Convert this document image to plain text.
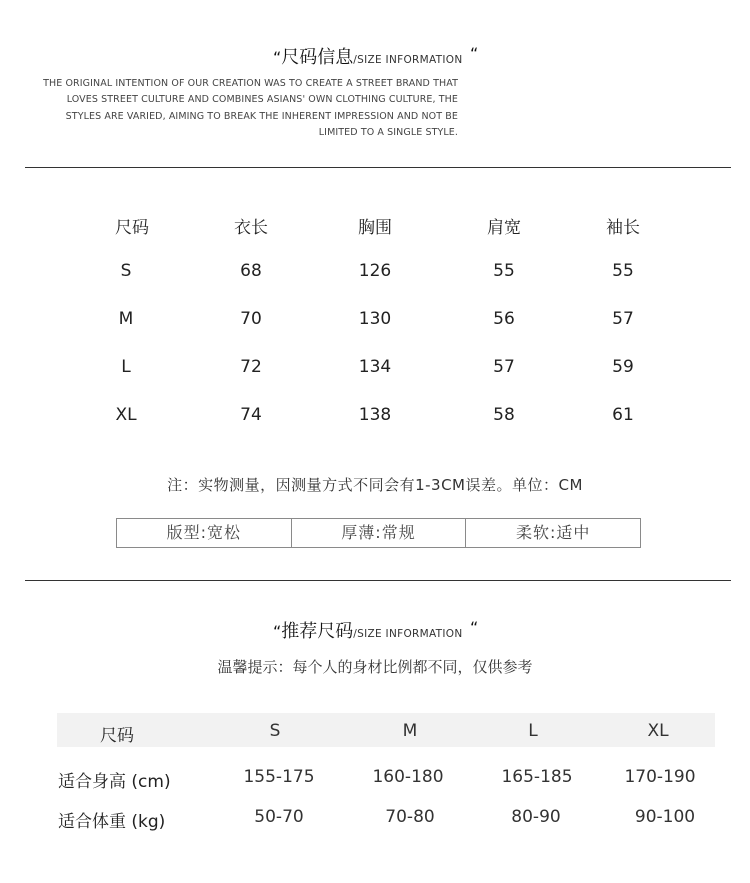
“尺码信息/SIZE INFORMATION “
THE ORIGINAL INTENTION OF OUR CREATION WAS TO CREATE A STREET BRAND THAT
LOVES STREET CULTURE AND COMBINES ASIANS' OWN CLOTHING CULTURE, THE
STYLES ARE VARIED, AIMING TO BREAK THE INHERENT IMPRESSION AND NOT BE
LIMITED TO A SINGLE STYLE.
尺码	衣长	胸围	肩宽	袖长
S	68	126	55	55
M	70	130	56	57
L	72	134	57	59
XL	74	138	58	61
注：实物测量，因测量方式不同会有1-3CM误差。单位：CM
版型:宽松	厚薄:常规	柔软:适中
“推荐尺码/SIZE INFORMATION “
温馨提示：每个人的身材比例都不同，仅供参考
尺码	S	M	L	XL
适合身高 (cm)	155-175	160-180	165-185	170-190
适合体重 (kg)	50-70	70-80	80-90	90-100
